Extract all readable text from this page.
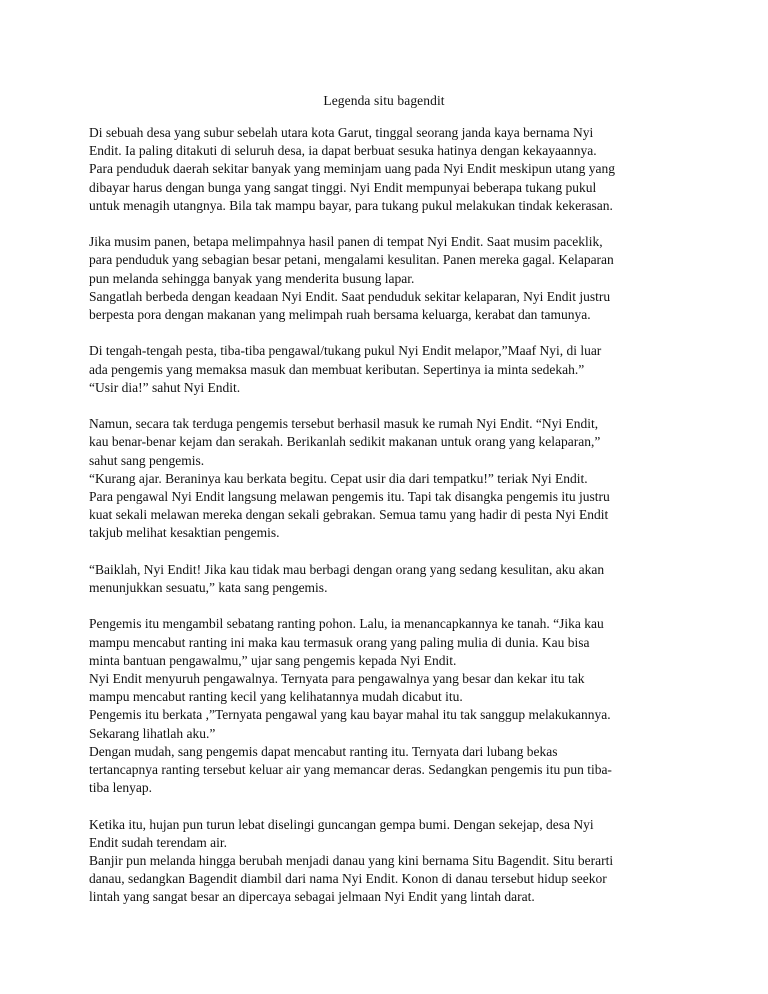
Legenda situ bagendit
Di sebuah desa yang subur sebelah utara kota Garut, tinggal seorang janda kaya bernama Nyi
Endit. Ia paling ditakuti di seluruh desa, ia dapat berbuat sesuka hatinya dengan kekayaannya.
Para penduduk daerah sekitar banyak yang meminjam uang pada Nyi Endit meskipun utang yang
dibayar harus dengan bunga yang sangat tinggi. Nyi Endit mempunyai beberapa tukang pukul
untuk menagih utangnya. Bila tak mampu bayar, para tukang pukul melakukan tindak kekerasan.
Jika musim panen, betapa melimpahnya hasil panen di tempat Nyi Endit. Saat musim paceklik,
para penduduk yang sebagian besar petani, mengalami kesulitan. Panen mereka gagal. Kelaparan
pun melanda sehingga banyak yang menderita busung lapar.
Sangatlah berbeda dengan keadaan Nyi Endit. Saat penduduk sekitar kelaparan, Nyi Endit justru
berpesta pora dengan makanan yang melimpah ruah bersama keluarga, kerabat dan tamunya.
Di tengah-tengah pesta, tiba-tiba pengawal/tukang pukul Nyi Endit melapor,”Maaf Nyi, di luar
ada pengemis yang memaksa masuk dan membuat keributan. Sepertinya ia minta sedekah.”
“Usir dia!” sahut Nyi Endit.
Namun, secara tak terduga pengemis tersebut berhasil masuk ke rumah Nyi Endit. “Nyi Endit,
kau benar-benar kejam dan serakah. Berikanlah sedikit makanan untuk orang yang kelaparan,”
sahut sang pengemis.
“Kurang ajar. Beraninya kau berkata begitu. Cepat usir dia dari tempatku!” teriak Nyi Endit.
Para pengawal Nyi Endit langsung melawan pengemis itu. Tapi tak disangka pengemis itu justru
kuat sekali melawan mereka dengan sekali gebrakan. Semua tamu yang hadir di pesta Nyi Endit
takjub melihat kesaktian pengemis.
“Baiklah, Nyi Endit! Jika kau tidak mau berbagi dengan orang yang sedang kesulitan, aku akan
menunjukkan sesuatu,” kata sang pengemis.
Pengemis itu mengambil sebatang ranting pohon. Lalu, ia menancapkannya ke tanah. “Jika kau
mampu mencabut ranting ini maka kau termasuk orang yang paling mulia di dunia. Kau bisa
minta bantuan pengawalmu,” ujar sang pengemis kepada Nyi Endit.
Nyi Endit menyuruh pengawalnya. Ternyata para pengawalnya yang besar dan kekar itu tak
mampu mencabut ranting kecil yang kelihatannya mudah dicabut itu.
Pengemis itu berkata ,”Ternyata pengawal yang kau bayar mahal itu tak sanggup melakukannya.
Sekarang lihatlah aku.”
Dengan mudah, sang pengemis dapat mencabut ranting itu. Ternyata dari lubang bekas
tertancapnya ranting tersebut keluar air yang memancar deras. Sedangkan pengemis itu pun tiba-
tiba lenyap.
Ketika itu, hujan pun turun lebat diselingi guncangan gempa bumi. Dengan sekejap, desa Nyi
Endit sudah terendam air.
Banjir pun melanda hingga berubah menjadi danau yang kini bernama Situ Bagendit. Situ berarti
danau, sedangkan Bagendit diambil dari nama Nyi Endit. Konon di danau tersebut hidup seekor
lintah yang sangat besar an dipercaya sebagai jelmaan Nyi Endit yang lintah darat.
